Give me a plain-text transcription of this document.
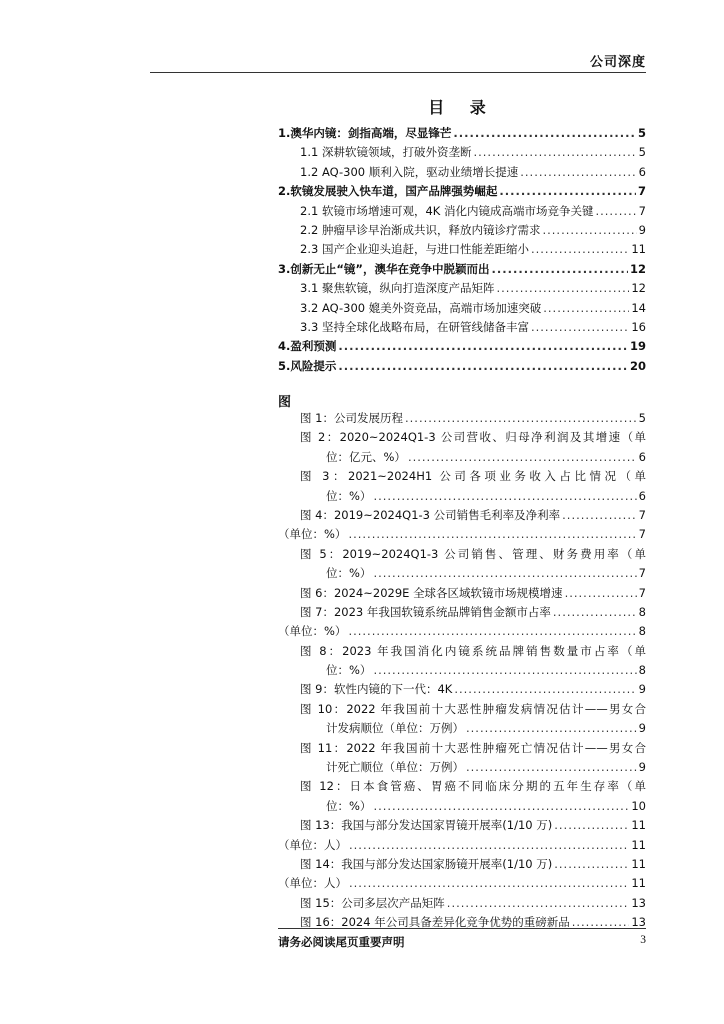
公司深度
目 录
1.澳华内镜：剑指高端，尽显锋芒 .....	5
1.1 深耕软镜领域，打破外资垄断 .....	5
1.2 AQ-300 顺利入院，驱动业绩增长提速 .....	6
2.软镜发展驶入快车道，国产品牌强势崛起 .....	7
2.1 软镜市场增速可观，4K 消化内镜成高端市场竞争关键 .....	7
2.2 肿瘤早诊早治渐成共识，释放内镜诊疗需求 .....	9
2.3 国产企业迎头追赶，与进口性能差距缩小 .....	11
3.创新无止“镜”，澳华在竞争中脱颖而出 .....	12
3.1 聚焦软镜，纵向打造深度产品矩阵 .....	12
3.2 AQ-300 媲美外资竞品，高端市场加速突破 .....	14
3.3 坚持全球化战略布局，在研管线储备丰富 .....	16
4.盈利预测 .....	19
5.风险提示 .....	20
图
图 1：公司发展历程 .....	5
图 2：2020~2024Q1-3 公司营收、归母净利润及其增速（单
位：亿元、%） .....	6
图 3：2021~2024H1 公司各项业务收入占比情况（单
位：%） .....	6
图 4：2019~2024Q1-3 公司销售毛利率及净利率 .....	7
（单位：%） .....	7
图 5：2019~2024Q1-3 公司销售、管理、财务费用率（单
位：%） .....	7
图 6：2024~2029E 全球各区域软镜市场规模增速 .....	7
图 7：2023 年我国软镜系统品牌销售金额市占率 .....	8
（单位：%） .....	8
图 8：2023 年我国消化内镜系统品牌销售数量市占率（单
位：%） .....	8
图 9：软性内镜的下一代：4K .....	9
图 10：2022 年我国前十大恶性肿瘤发病情况估计——男女合
计发病顺位（单位：万例） .....	9
图 11：2022 年我国前十大恶性肿瘤死亡情况估计——男女合
计死亡顺位（单位：万例） .....	9
图 12：日本食管癌、胃癌不同临床分期的五年生存率（单
位：%） .....	10
图 13：我国与部分发达国家胃镜开展率(1/10 万) .....	11
（单位：人） .....	11
图 14：我国与部分发达国家肠镜开展率(1/10 万) .....	11
（单位：人） .....	11
图 15：公司多层次产品矩阵 .....	13
图 16：2024 年公司具备差异化竞争优势的重磅新品 .....	13
请务必阅读尾页重要声明	3
